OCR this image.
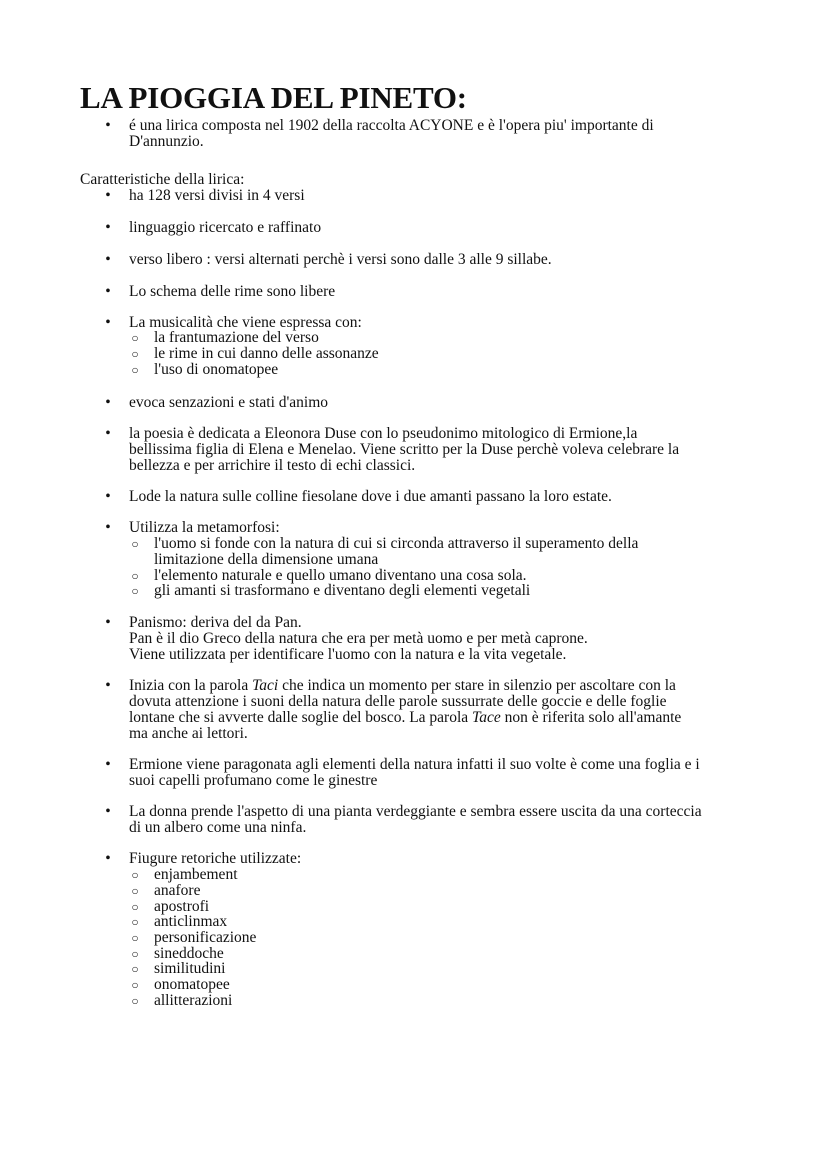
LA PIOGGIA DEL PINETO:
•	é una lirica composta nel 1902 della raccolta ACYONE e è l'opera piu' importante di
D'annunzio.
Caratteristiche della lirica:
•	ha 128 versi divisi in 4 versi
•	linguaggio ricercato e raffinato
•	verso libero : versi alternati perchè i versi sono dalle 3 alle 9 sillabe.
•	Lo schema delle rime sono libere
•	La musicalità che viene espressa con:
○ la frantumazione del verso
○ le rime in cui danno delle assonanze
○ l'uso di onomatopee
•	evoca senzazioni e stati d'animo
•	la poesia è dedicata a Eleonora Duse con lo pseudonimo mitologico di Ermione,la
bellissima figlia di Elena e Menelao. Viene scritto per la Duse perchè voleva celebrare la
bellezza e per arrichire il testo di echi classici.
•	Lode la natura sulle colline fiesolane dove i due amanti passano la loro estate.
•	Utilizza la metamorfosi:
○ l'uomo si fonde con la natura di cui si circonda attraverso il superamento della
limitazione della dimensione umana
○ l'elemento naturale e quello umano diventano una cosa sola.
○ gli amanti si trasformano e diventano degli elementi vegetali
•	Panismo: deriva del da Pan.
Pan è il dio Greco della natura che era per metà uomo e per metà caprone.
Viene utilizzata per identificare l'uomo con la natura e la vita vegetale.
•	Inizia con la parola Taci che indica un momento per stare in silenzio per ascoltare con la
dovuta attenzione i suoni della natura delle parole sussurrate delle goccie e delle foglie
lontane che si avverte dalle soglie del bosco. La parola Tace non è riferita solo all'amante
ma anche ai lettori.
•	Ermione viene paragonata agli elementi della natura infatti il suo volte è come una foglia e i
suoi capelli profumano come le ginestre
•	La donna prende l'aspetto di una pianta verdeggiante e sembra essere uscita da una corteccia
di un albero come una ninfa.
•	Fiugure retoriche utilizzate:
○ enjambement
○ anafore
○ apostrofi
○ anticlinmax
○ personificazione
○ sineddoche
○ similitudini
○ onomatopee
○ allitterazioni
